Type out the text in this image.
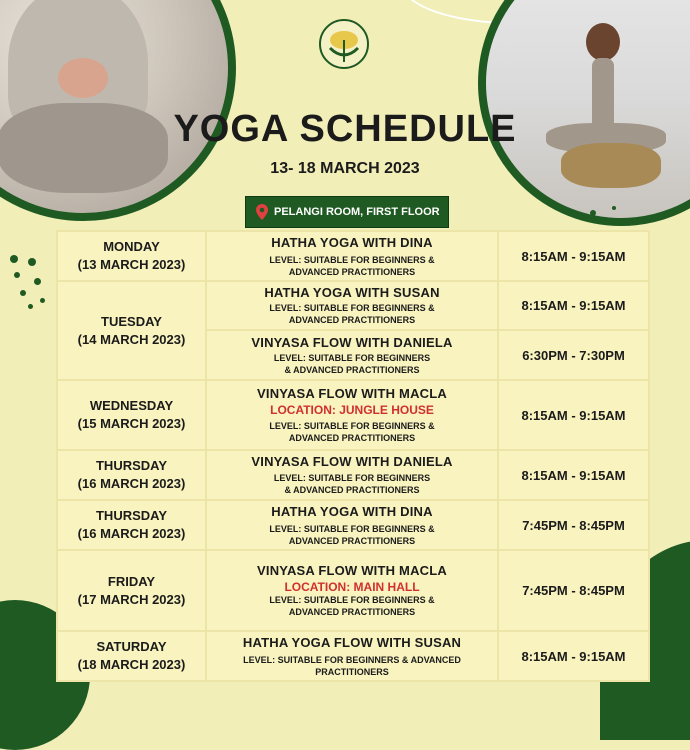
YOGA SCHEDULE
13- 18 MARCH 2023
PELANGI ROOM, FIRST FLOOR
MONDAY
(13 MARCH 2023)	HATHA YOGA WITH DINA
LEVEL: SUITABLE FOR BEGINNERS &
ADVANCED PRACTITIONERS	8:15AM - 9:15AM
TUESDAY
(14 MARCH 2023)	HATHA YOGA WITH SUSAN
LEVEL: SUITABLE FOR BEGINNERS &
ADVANCED PRACTITIONERS	8:15AM - 9:15AM

	VINYASA FLOW WITH DANIELA
LEVEL: SUITABLE FOR BEGINNERS
& ADVANCED PRACTITIONERS	6:30PM - 7:30PM
WEDNESDAY
(15 MARCH 2023)	VINYASA FLOW WITH MACLA
LOCATION: JUNGLE HOUSE
LEVEL: SUITABLE FOR BEGINNERS &
ADVANCED PRACTITIONERS	8:15AM - 9:15AM
THURSDAY
(16 MARCH 2023)	VINYASA FLOW WITH DANIELA
LEVEL: SUITABLE FOR BEGINNERS
& ADVANCED PRACTITIONERS	8:15AM - 9:15AM
THURSDAY
(16 MARCH 2023)	HATHA YOGA WITH DINA
LEVEL: SUITABLE FOR BEGINNERS &
ADVANCED PRACTITIONERS	7:45PM - 8:45PM
FRIDAY
(17 MARCH 2023)	VINYASA FLOW WITH MACLA
LOCATION: MAIN HALL
LEVEL: SUITABLE FOR BEGINNERS &
ADVANCED PRACTITIONERS	7:45PM - 8:45PM
SATURDAY
(18 MARCH 2023)	HATHA YOGA FLOW WITH SUSAN
LEVEL: SUITABLE FOR BEGINNERS & ADVANCED
PRACTITIONERS	8:15AM - 9:15AM
